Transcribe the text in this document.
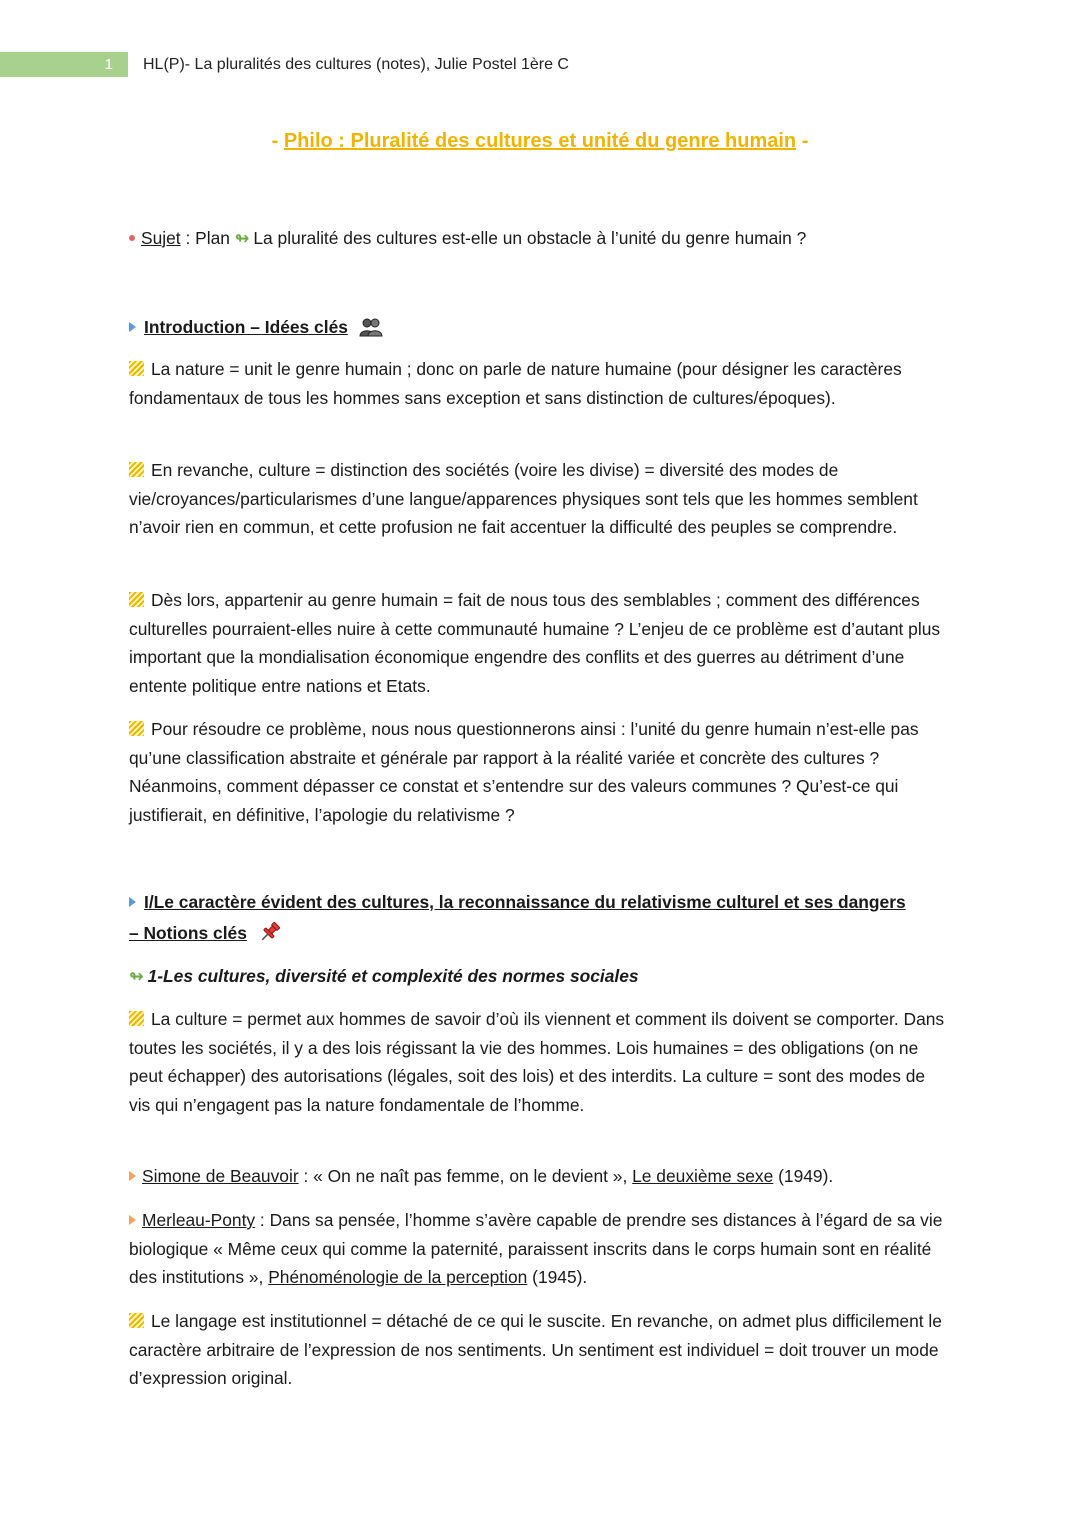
1	HL(P)- La pluralités des cultures (notes), Julie Postel 1ère C
- Philo : Pluralité des cultures et unité du genre humain -

Sujet : Plan ↬ La pluralité des cultures est-elle un obstacle à l’unité du genre humain ?

Introduction – Idées clés

La nature = unit le genre humain ; donc on parle de nature humaine (pour désigner les caractères fondamentaux de tous les hommes sans exception et sans distinction de cultures/époques).

En revanche, culture = distinction des sociétés (voire les divise) = diversité des modes de vie/croyances/particularismes d’une langue/apparences physiques sont tels que les hommes semblent n’avoir rien en commun, et cette profusion ne fait accentuer la difficulté des peuples se comprendre.

Dès lors, appartenir au genre humain = fait de nous tous des semblables ; comment des différences culturelles pourraient-elles nuire à cette communauté humaine ? L’enjeu de ce problème est d’autant plus important que la mondialisation économique engendre des conflits et des guerres au détriment d’une entente politique entre nations et Etats.

Pour résoudre ce problème, nous nous questionnerons ainsi : l’unité du genre humain n’est-elle pas qu’une classification abstraite et générale par rapport à la réalité variée et concrète des cultures ? Néanmoins, comment dépasser ce constat et s’entendre sur des valeurs communes ? Qu’est-ce qui justifierait, en définitive, l’apologie du relativisme ?

I/Le caractère évident des cultures, la reconnaissance du relativisme culturel et ses dangers – Notions clés

↬ 1-Les cultures, diversité et complexité des normes sociales

La culture = permet aux hommes de savoir d’où ils viennent et comment ils doivent se comporter. Dans toutes les sociétés, il y a des lois régissant la vie des hommes. Lois humaines = des obligations (on ne peut échapper) des autorisations (légales, soit des lois) et des interdits. La culture = sont des modes de vis qui n’engagent pas la nature fondamentale de l’homme.

Simone de Beauvoir : « On ne naît pas femme, on le devient », Le deuxième sexe (1949).

Merleau-Ponty : Dans sa pensée, l’homme s’avère capable de prendre ses distances à l’égard de sa vie biologique « Même ceux qui comme la paternité, paraissent inscrits dans le corps humain sont en réalité des institutions », Phénoménologie de la perception (1945).

Le langage est institutionnel = détaché de ce qui le suscite. En revanche, on admet plus difficilement le caractère arbitraire de l’expression de nos sentiments. Un sentiment est individuel = doit trouver un mode d’expression original.
